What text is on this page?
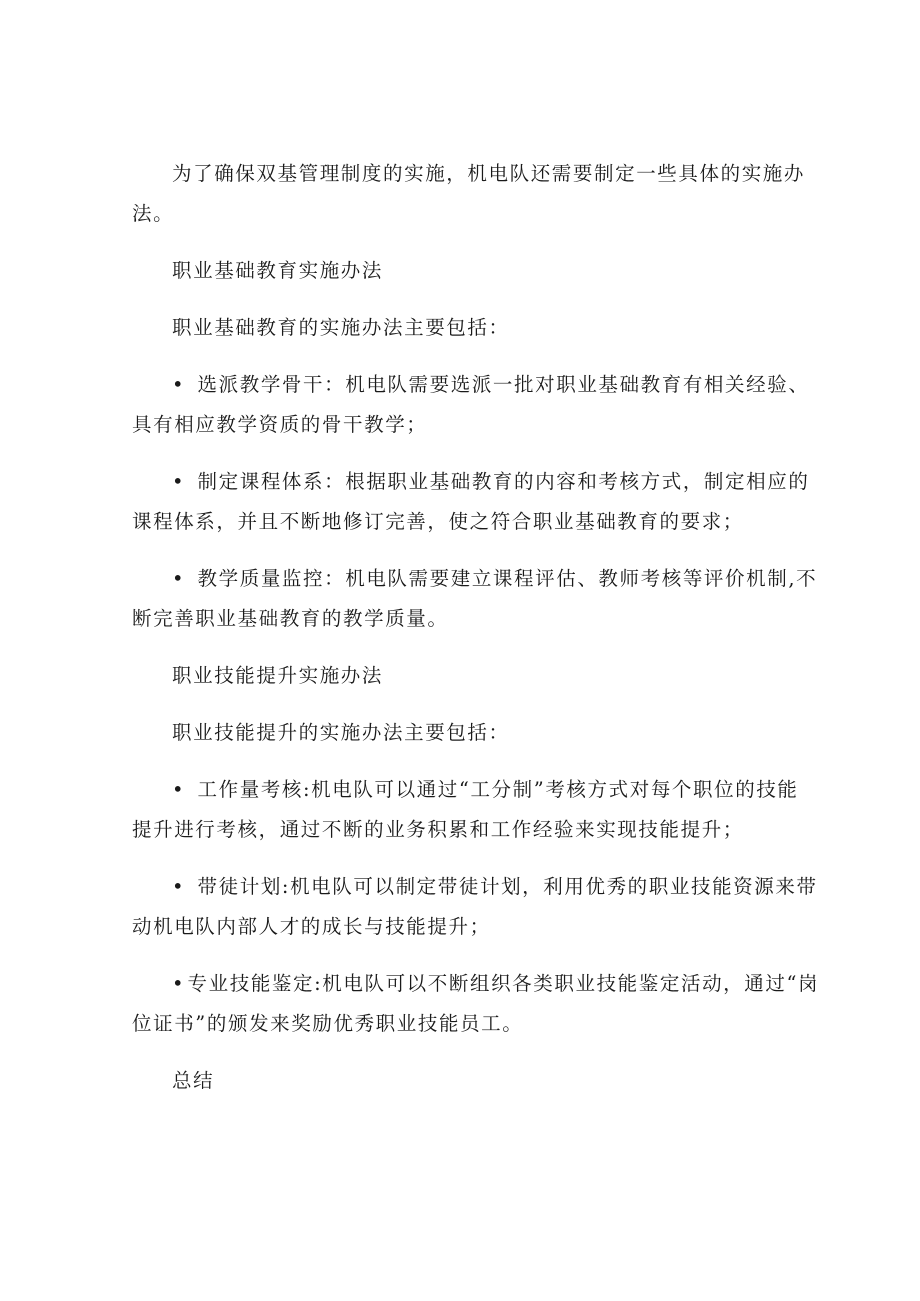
为了确保双基管理制度的实施，机电队还需要制定一些具体的实施办
法。
职业基础教育实施办法
职业基础教育的实施办法主要包括：
• 选派教学骨干：机电队需要选派一批对职业基础教育有相关经验、
具有相应教学资质的骨干教学；
• 制定课程体系：根据职业基础教育的内容和考核方式，制定相应的
课程体系，并且不断地修订完善，使之符合职业基础教育的要求；
• 教学质量监控：机电队需要建立课程评估、教师考核等评价机制,不
断完善职业基础教育的教学质量。
职业技能提升实施办法
职业技能提升的实施办法主要包括：
• 工作量考核:机电队可以通过“工分制”考核方式对每个职位的技能
提升进行考核，通过不断的业务积累和工作经验来实现技能提升；
• 带徒计划:机电队可以制定带徒计划，利用优秀的职业技能资源来带
动机电队内部人才的成长与技能提升；
• 专业技能鉴定:机电队可以不断组织各类职业技能鉴定活动，通过“岗
位证书”的颁发来奖励优秀职业技能员工。
总结
